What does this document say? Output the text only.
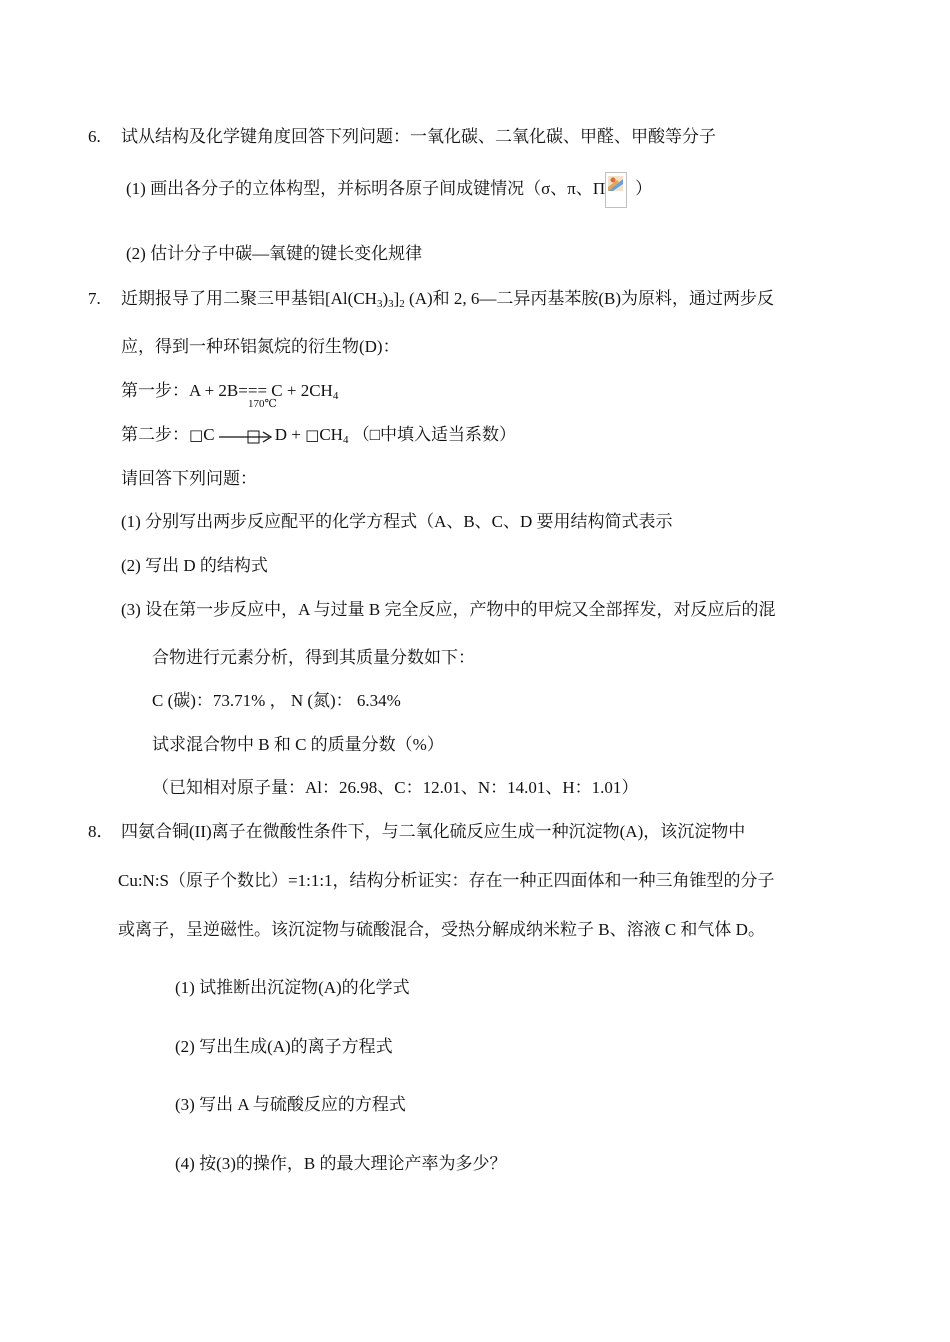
6. 试从结构及化学键角度回答下列问题：一氧化碳、二氧化碳、甲醛、甲酸等分子
(1) 画出各分子的立体构型，并标明各原子间成键情况（σ、π、Π ）
(2) 估计分子中碳—氧键的键长变化规律
7. 近期报导了用二聚三甲基铝$[Al(CH_3)_3]_2$ (A)和 2, 6—二异丙基苯胺(B)为原料，通过两步反
应，得到一种环铝氮烷的衍生物(D)：
第一步：$A + 2B=== C + 2CH_4$
170℃
第二步：□C $\to D + □CH_4$ （□中填入适当系数）
请回答下列问题：
(1) 分别写出两步反应配平的化学方程式（A、B、C、D 要用结构简式表示
(2) 写出 D 的结构式
(3) 设在第一步反应中，A 与过量 B 完全反应，产物中的甲烷又全部挥发，对反应后的混
合物进行元素分析，得到其质量分数如下：
C (碳)：73.71% ， N (氮)： 6.34%
试求混合物中 B 和 C 的质量分数（%）
（已知相对原子量：Al：26.98、C：12.01、N：14.01、H：1.01）
8． 四氨合铜(II)离子在微酸性条件下，与二氧化硫反应生成一种沉淀物(A)，该沉淀物中
Cu:N:S（原子个数比）=1:1:1，结构分析证实：存在一种正四面体和一种三角锥型的分子
或离子，呈逆磁性。该沉淀物与硫酸混合，受热分解成纳米粒子 B、溶液 C 和气体 D。
(1) 试推断出沉淀物(A)的化学式
(2) 写出生成(A)的离子方程式
(3) 写出 A 与硫酸反应的方程式
(4) 按(3)的操作，B 的最大理论产率为多少？
